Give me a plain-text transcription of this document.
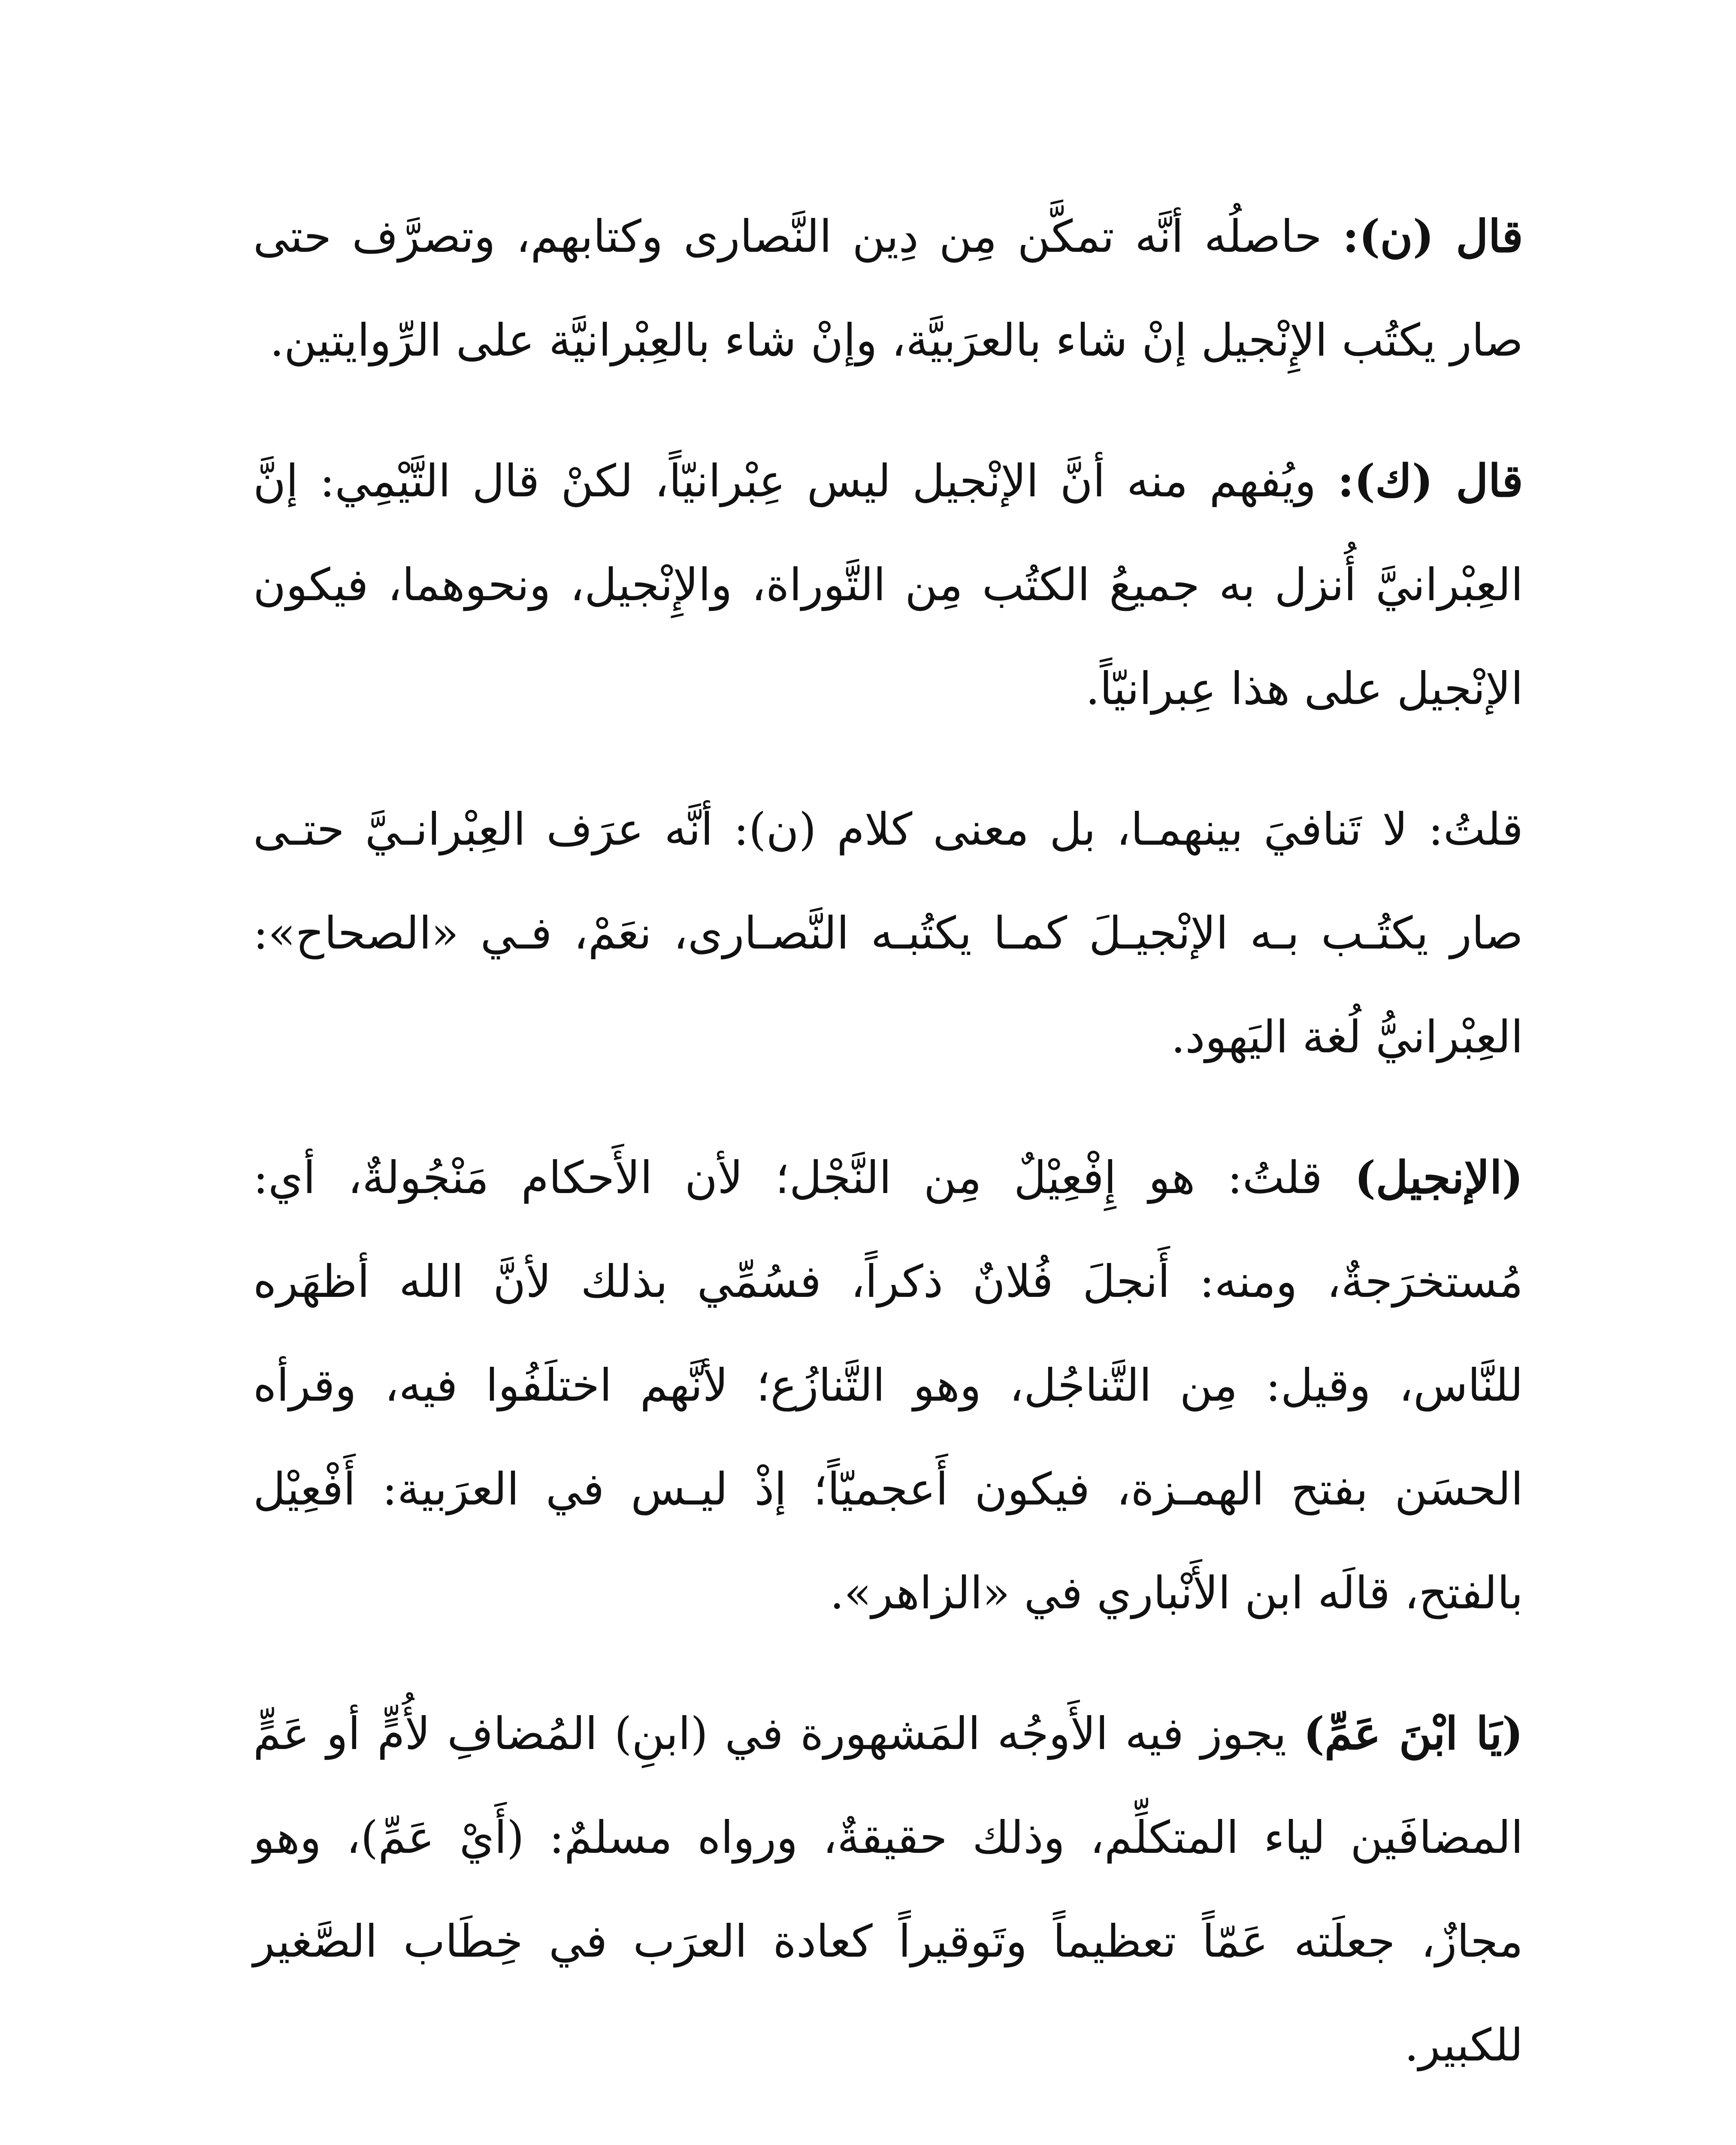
قال (ن): حاصلُه أنَّه تمكَّن مِن دِين النَّصارى وكتابهم، وتصرَّف حتى صار يكتُب الإِنْجيل إنْ شاء بالعرَبيَّة، وإنْ شاء بالعِبْرانيَّة على الرِّوايتين.

قال (ك): ويُفهم منه أنَّ الإنْجيل ليس عِبْرانيّاً، لكنْ قال التَّيْمِي: إنَّ العِبْرانيَّ أُنزل به جميعُ الكتُب مِن التَّوراة، والإِنْجيل، ونحوهما، فيكون الإنْجيل على هذا عِبرانيّاً.

قلتُ: لا تَنافيَ بينهمـا، بل معنى كلام (ن): أنَّه عرَف العِبْرانـيَّ حتـى صار يكتُـب بـه الإنْجيـلَ كمـا يكتُبـه النَّصـارى، نعَمْ، فـي «الصحاح»: العِبْرانيُّ لُغة اليَهود.

(الإنجيل) قلتُ: هو إِفْعِيْلٌ مِن النَّجْل؛ لأن الأَحكام مَنْجُولةٌ، أي: مُستخرَجةٌ، ومنه: أَنجلَ فُلانٌ ذكراً، فسُمِّي بذلك لأنَّ الله أظهَره للنَّاس، وقيل: مِن التَّناجُل، وهو التَّنازُع؛ لأنَّهم اختلَفُوا فيه، وقرأه الحسَن بفتح الهمـزة، فيكون أَعجميّاً؛ إذْ ليـس في العرَبية: أَفْعِيْل بالفتح، قالَه ابن الأَنْباري في «الزاهر».

(يَا ابْنَ عَمِّ) يجوز فيه الأَوجُه المَشهورة في (ابنِ) المُضافِ لأُمٍّ أو عَمٍّ المضافَين لياء المتكلِّم، وذلك حقيقةٌ، ورواه مسلمٌ: (أَيْ عَمِّ)، وهو مجازٌ، جعلَته عَمّاً تعظيماً وتَوقيراً كعادة العرَب في خِطَاب الصَّغير للكبير.
